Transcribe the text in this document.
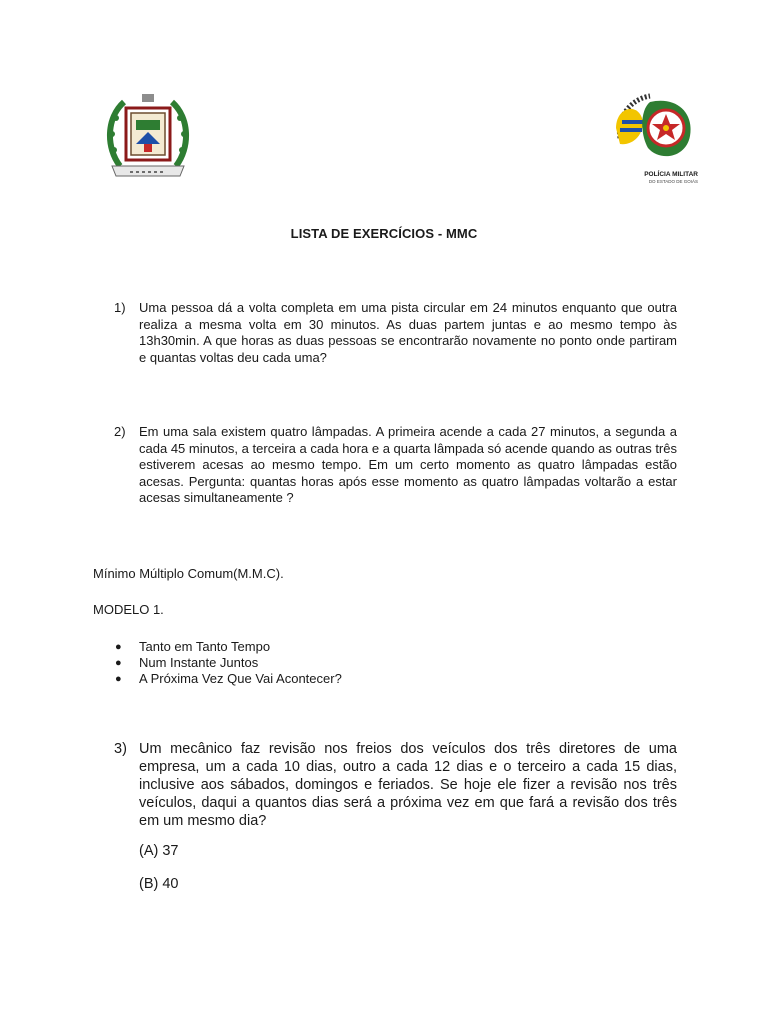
POLÍCIA MILITAR
DO ESTADO DE GOIÁS
LISTA DE EXERCÍCIOS - MMC
1) Uma pessoa dá a volta completa em uma pista circular em 24 minutos enquanto que outra realiza a mesma volta em 30 minutos. As duas partem juntas e ao mesmo tempo às 13h30min. A que horas as duas pessoas se encontrarão novamente no ponto onde partiram e quantas voltas deu cada uma?
2) Em uma sala existem quatro lâmpadas. A primeira acende a cada 27 minutos, a segunda a cada 45 minutos, a terceira a cada hora e a quarta lâmpada só acende quando as outras três estiverem acesas ao mesmo tempo. Em um certo momento as quatro lâmpadas estão acesas. Pergunta: quantas horas após esse momento as quatro lâmpadas voltarão a estar acesas simultaneamente ?
Mínimo Múltiplo Comum(M.M.C).
MODELO 1.
● Tanto em Tanto Tempo
● Num Instante Juntos
● A Próxima Vez Que Vai Acontecer?
3) Um mecânico faz revisão nos freios dos veículos dos três diretores de uma empresa, um a cada 10 dias, outro a cada 12 dias e o terceiro a cada 15 dias, inclusive aos sábados, domingos e feriados. Se hoje ele fizer a revisão nos três veículos, daqui a quantos dias será a próxima vez em que fará a revisão dos três em um mesmo dia?
(A) 37
(B) 40
